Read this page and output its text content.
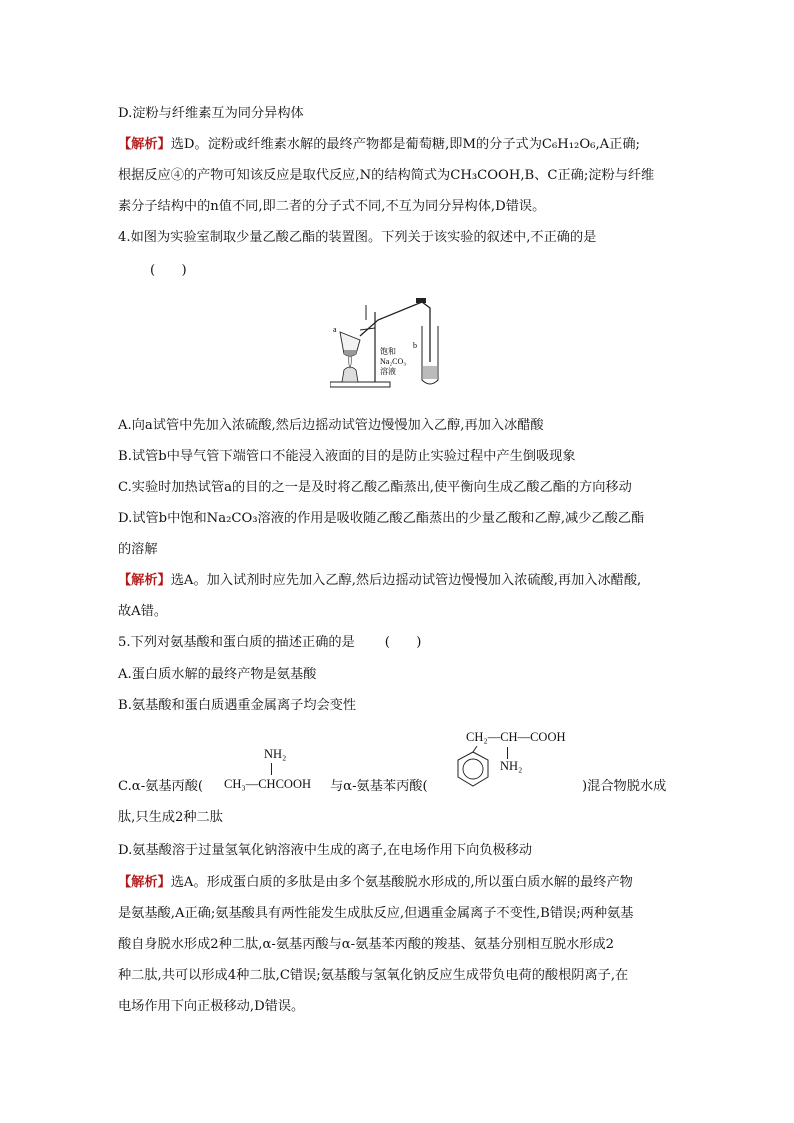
D.淀粉与纤维素互为同分异构体
【解析】选D。淀粉或纤维素水解的最终产物都是葡萄糖,即M的分子式为C₆H₁₂O₆,A正确;
根据反应④的产物可知该反应是取代反应,N的结构简式为CH₃COOH,B、C正确;淀粉与纤维
素分子结构中的n值不同,即二者的分子式不同,不互为同分异构体,D错误。
4.如图为实验室制取少量乙酸乙酯的装置图。下列关于该实验的叙述中,不正确的是
(　　)
a
b
饱和
Na₂CO₃
溶液
A.向a试管中先加入浓硫酸,然后边摇动试管边慢慢加入乙醇,再加入冰醋酸
B.试管b中导气管下端管口不能浸入液面的目的是防止实验过程中产生倒吸现象
C.实验时加热试管a的目的之一是及时将乙酸乙酯蒸出,使平衡向生成乙酸乙酯的方向移动
D.试管b中饱和Na₂CO₃溶液的作用是吸收随乙酸乙酯蒸出的少量乙酸和乙醇,减少乙酸乙酯
的溶解
【解析】选A。加入试剂时应先加入乙醇,然后边摇动试管边慢慢加入浓硫酸,再加入冰醋酸,
故A错。
5.下列对氨基酸和蛋白质的描述正确的是 (　　)
A.蛋白质水解的最终产物是氨基酸
B.氨基酸和蛋白质遇重金属离子均会变性
C.α-氨基丙酸(
NH₂
CH₃—CHCOOH 与α-氨基苯丙酸(
CH₂—CH—COOH
NH₂
)混合物脱水成
肽,只生成2种二肽
D.氨基酸溶于过量氢氧化钠溶液中生成的离子,在电场作用下向负极移动
【解析】选A。形成蛋白质的多肽是由多个氨基酸脱水形成的,所以蛋白质水解的最终产物
是氨基酸,A正确;氨基酸具有两性能发生成肽反应,但遇重金属离子不变性,B错误;两种氨基
酸自身脱水形成2种二肽,α-氨基丙酸与α-氨基苯丙酸的羧基、氨基分别相互脱水形成2
种二肽,共可以形成4种二肽,C错误;氨基酸与氢氧化钠反应生成带负电荷的酸根阴离子,在
电场作用下向正极移动,D错误。
